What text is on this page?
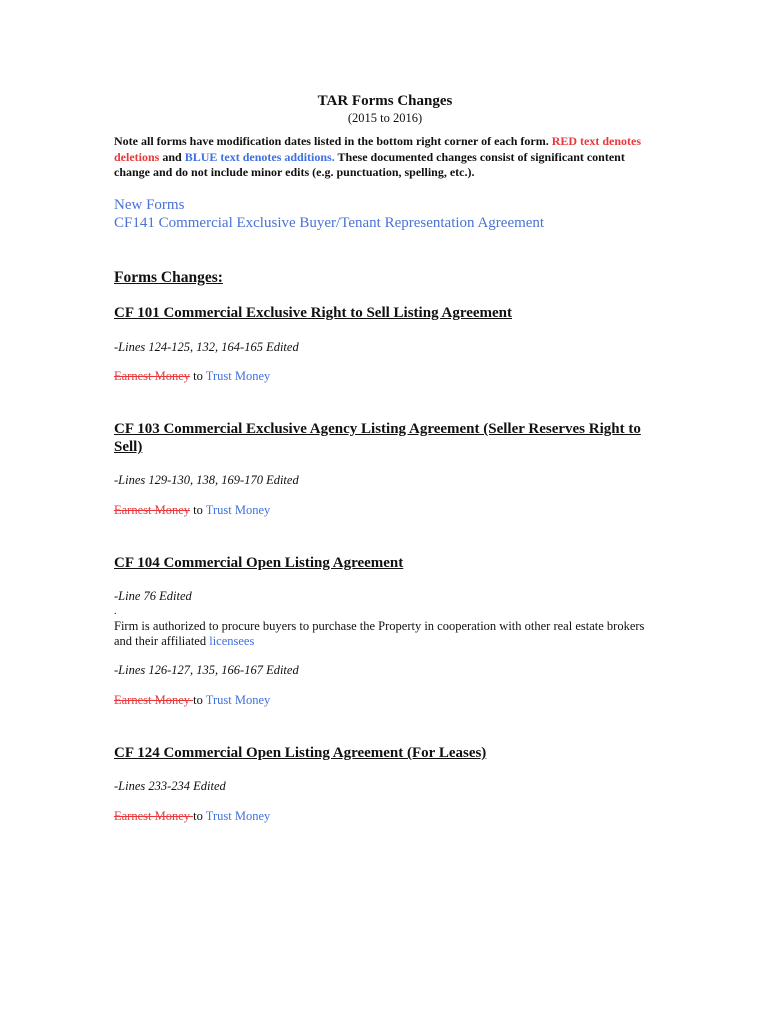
TAR Forms Changes
(2015 to 2016)
Note all forms have modification dates listed in the bottom right corner of each form. RED text denotes deletions and BLUE text denotes additions. These documented changes consist of significant content change and do not include minor edits (e.g. punctuation, spelling, etc.).
New Forms
CF141 Commercial Exclusive Buyer/Tenant Representation Agreement
Forms Changes:
CF 101 Commercial Exclusive Right to Sell Listing Agreement
-Lines 124-125, 132, 164-165 Edited
Earnest Money to Trust Money
CF 103 Commercial Exclusive Agency Listing Agreement (Seller Reserves Right to Sell)
-Lines 129-130, 138, 169-170 Edited
Earnest Money to Trust Money
CF 104 Commercial Open Listing Agreement
-Line 76 Edited
.
Firm is authorized to procure buyers to purchase the Property in cooperation with other real estate brokers and their affiliated licensees
-Lines 126-127, 135, 166-167 Edited
Earnest Money to Trust Money
CF 124 Commercial Open Listing Agreement (For Leases)
-Lines 233-234 Edited
Earnest Money to Trust Money
